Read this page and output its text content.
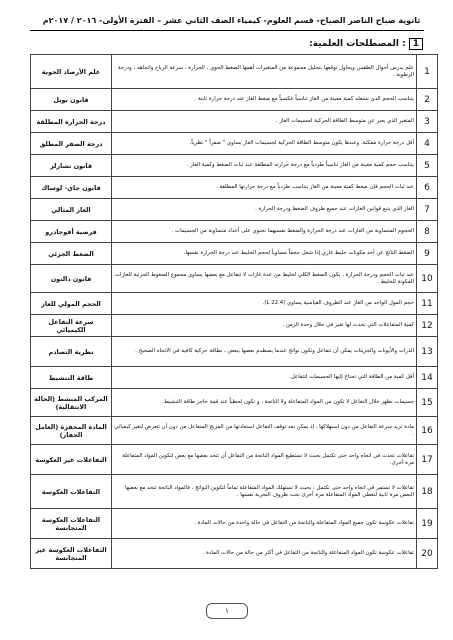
ثانوية صباح الناصر الصباح- قسم العلوم- كيمياء الصف الثاني عشر – الفترة الأولى- ٢٠١٦ / ٢٠١٧م
1: المصطلحات العلمية:
1	علم يدرس أحوال الطقس ويحاول توقعها بتحليل مجموعة من المتغيرات أهمها الضغط الجوي ، الحرارة ، سرعة الرياح واتجاهه ، ودرجة الرطوبة .	علم الأرصاد الجوية
2	يتناسب الحجم الذي تشغله كمية معينة من الغاز تناسباً عكسياً مع ضغط الغاز عند درجة حرارة ثابتة .	قانون بويل
3	المتغير الذي يعبر عن متوسط الطاقة الحركية لجسيمات الغاز .	درجة الحرارة المطلقة
4	أقل درجة حرارة ممكنة، وعندها يكون متوسط الطاقة الحركية لجسيمات الغاز يساوي " صفراً " نظرياً.	درجة الصفر المطلق
5	يتناسب حجم كمية معينة من الغاز تناسباً طردياً مع درجة حرارته المطلقة عند ثبات الضغط وكمية الغاز .	قانون تشارلز
6	عند ثبات الحجم فإن ضغط كمية معينة من الغاز يتناسب طردياً مع درجة حرارتها المطلقة .	قانون جاي- لوساك
7	الغاز الذي يتبع قوانين الغازات عند جميع ظروف الضغط ودرجة الحرارة .	الغاز المثالي
8	الحجوم المتساوية من الغازات عند درجة الحرارة والضغط نفسيهما تحتوي على أعداد متساوية من الجسيمات .	فرضية أفوجادرو
9	الضغط الناتج عن أحد مكونات خليط غازي إذا شغل حجماً مساوياً لحجم الخليط عند درجة الحرارة نفسها.	الضغط الجزئي
10	عند ثبات الحجم ودرجة الحرارة ، يكون الضغط الكلي لخليط من عدة غازات لا تتفاعل مع بعضها يساوي مجموع الضغوط الجزئية للغازات المكونة للخليط .	قانون دالتون
11	حجم المول الواحد من الغاز عند الظروف القياسية يساوي (22.4 L).	الحجم المولي للغاز
12	كمية المتفاعلات التي تحدث لها تغير في خلال وحدة الزمن .	سرعة التفاعل الكيميائي
13	الذرات والأيونات والجزيئات يمكن أن تتفاعل وتكون نواتج عندما يصطدم بعضها ببعض ، بطاقة حركية كافية في الاتجاه الصحيح .	نظرية التصادم
14	أقل كمية من الطاقة التي تحتاج إليها الجسيمات لتتفاعل.	طاقة التنشيط
15	جسيمات تظهر خلال التفاعل لا تكون من المواد المتفاعلة ولا الناتجة ، و تكون لحظياً عند قمة حاجز طاقة التنشيط.	المركب المنشط (الحالة الانتقالية)
16	مادة تزيد سرعة التفاعل من دون استهلاكها ، إذ يمكن بعد توقف التفاعل استعادتها من المزيج المتفاعل من دون أن تتعرض لتغير كيميائي .	المادة المحفزة (العامل الحفاز)
17	تفاعلات تحدث في اتجاه واحد حتى تكتمل بحيث لا تستطيع المواد الناتجة من التفاعل أن تتحد بعضها مع بعض لتكوين المواد المتفاعلة مرة أخرى.	التفاعلات غير العكوسة
18	تفاعلات لا تستمر في اتجاه واحد حتى تكتمل ، بحيث لا تستهلك المواد المتفاعلة تماماً لتكوين النواتج ، فالمواد الناتجة تتحد مع بعضها البعض مرة ثانية لتعطي المواد المتفاعلة مرة أخرى تحت ظروف التجربة نفسها .	التفاعلات العكوسة
19	تفاعلات عكوسة تكون جميع المواد المتفاعلة والناتجة من التفاعل في حالة واحدة من حالات المادة .	التفاعلات العكوسة المتجانسة
20	تفاعلات عكوسة تكون المواد المتفاعلة والناتجة من التفاعل في أكثر من حالة من حالات المادة .	التفاعلات العكوسة غير المتجانسة
١
